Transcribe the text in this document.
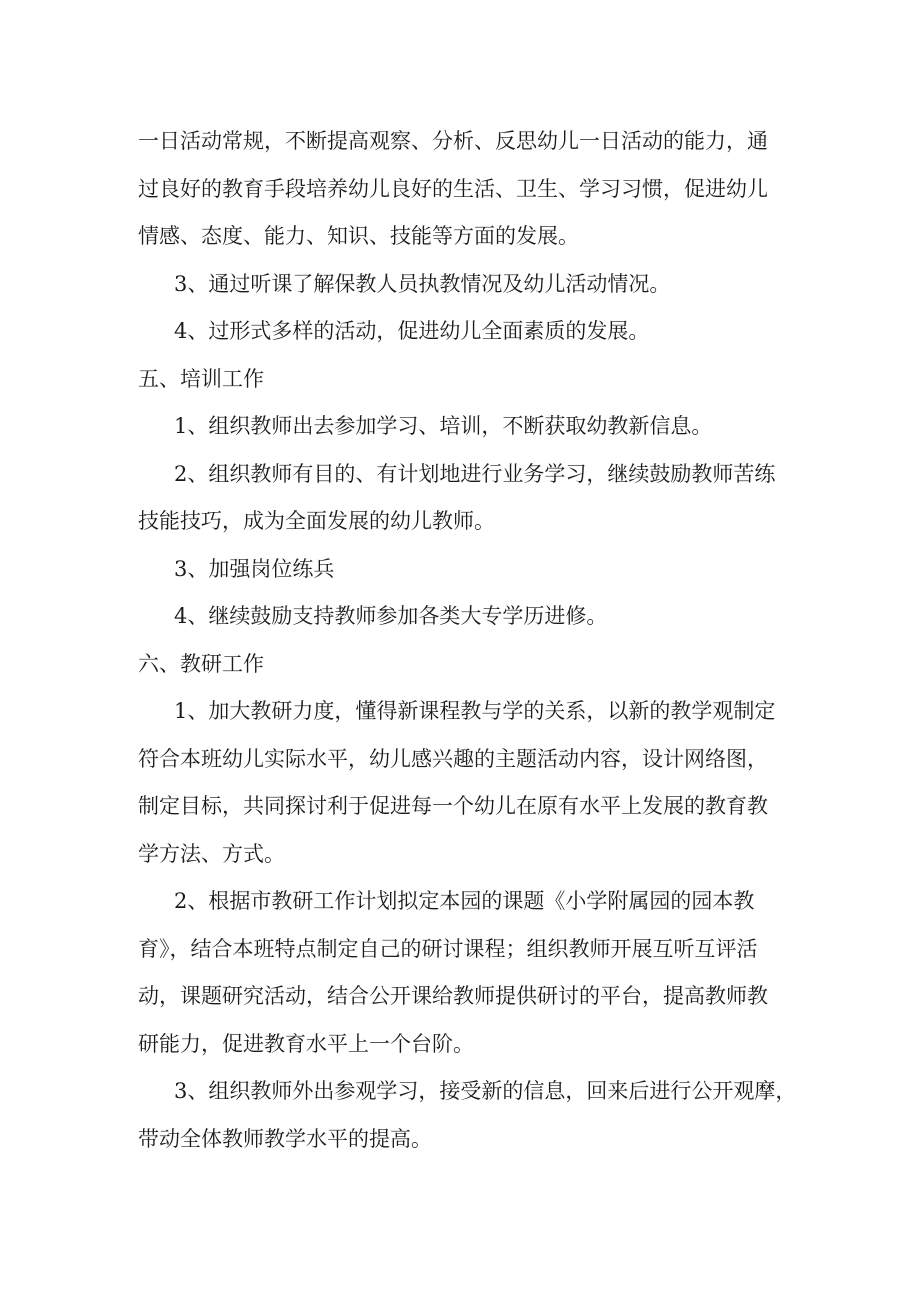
一日活动常规，不断提高观察、分析、反思幼儿一日活动的能力，通
过良好的教育手段培养幼儿良好的生活、卫生、学习习惯，促进幼儿
情感、态度、能力、知识、技能等方面的发展。

3、通过听课了解保教人员执教情况及幼儿活动情况。

4、过形式多样的活动，促进幼儿全面素质的发展。

五、培训工作

1、组织教师出去参加学习、培训，不断获取幼教新信息。

2、组织教师有目的、有计划地进行业务学习，继续鼓励教师苦练
技能技巧，成为全面发展的幼儿教师。

3、加强岗位练兵

4、继续鼓励支持教师参加各类大专学历进修。

六、教研工作

1、加大教研力度，懂得新课程教与学的关系，以新的教学观制定
符合本班幼儿实际水平，幼儿感兴趣的主题活动内容，设计网络图，
制定目标，共同探讨利于促进每一个幼儿在原有水平上发展的教育教
学方法、方式。

2、根据市教研工作计划拟定本园的课题《小学附属园的园本教
育》，结合本班特点制定自己的研讨课程；组织教师开展互听互评活
动，课题研究活动，结合公开课给教师提供研讨的平台，提高教师教
研能力，促进教育水平上一个台阶。

3、组织教师外出参观学习，接受新的信息，回来后进行公开观摩，
带动全体教师教学水平的提高。
